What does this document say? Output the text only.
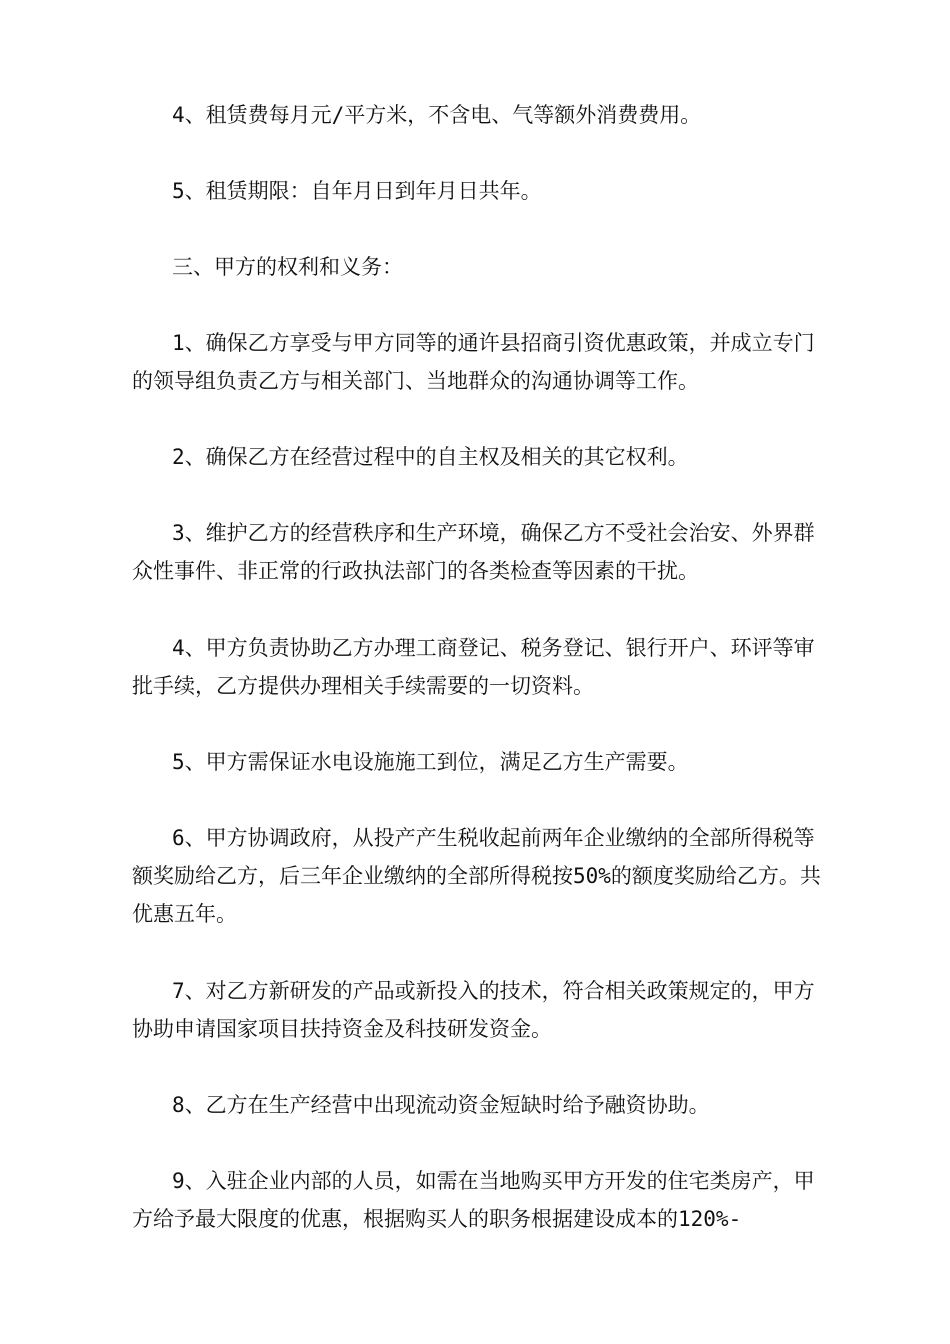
4、租赁费每月元/平方米，不含电、气等额外消费费用。

5、租赁期限：自年月日到年月日共年。

三、甲方的权利和义务：

1、确保乙方享受与甲方同等的通许县招商引资优惠政策，并成立专门的领导组负责乙方与相关部门、当地群众的沟通协调等工作。

2、确保乙方在经营过程中的自主权及相关的其它权利。

3、维护乙方的经营秩序和生产环境，确保乙方不受社会治安、外界群众性事件、非正常的行政执法部门的各类检查等因素的干扰。

4、甲方负责协助乙方办理工商登记、税务登记、银行开户、环评等审批手续，乙方提供办理相关手续需要的一切资料。

5、甲方需保证水电设施施工到位，满足乙方生产需要。

6、甲方协调政府，从投产产生税收起前两年企业缴纳的全部所得税等额奖励给乙方，后三年企业缴纳的全部所得税按50%的额度奖励给乙方。共优惠五年。

7、对乙方新研发的产品或新投入的技术，符合相关政策规定的，甲方协助申请国家项目扶持资金及科技研发资金。

8、乙方在生产经营中出现流动资金短缺时给予融资协助。

9、入驻企业内部的人员，如需在当地购买甲方开发的住宅类房产，甲方给予最大限度的优惠，根据购买人的职务根据建设成本的120%-
